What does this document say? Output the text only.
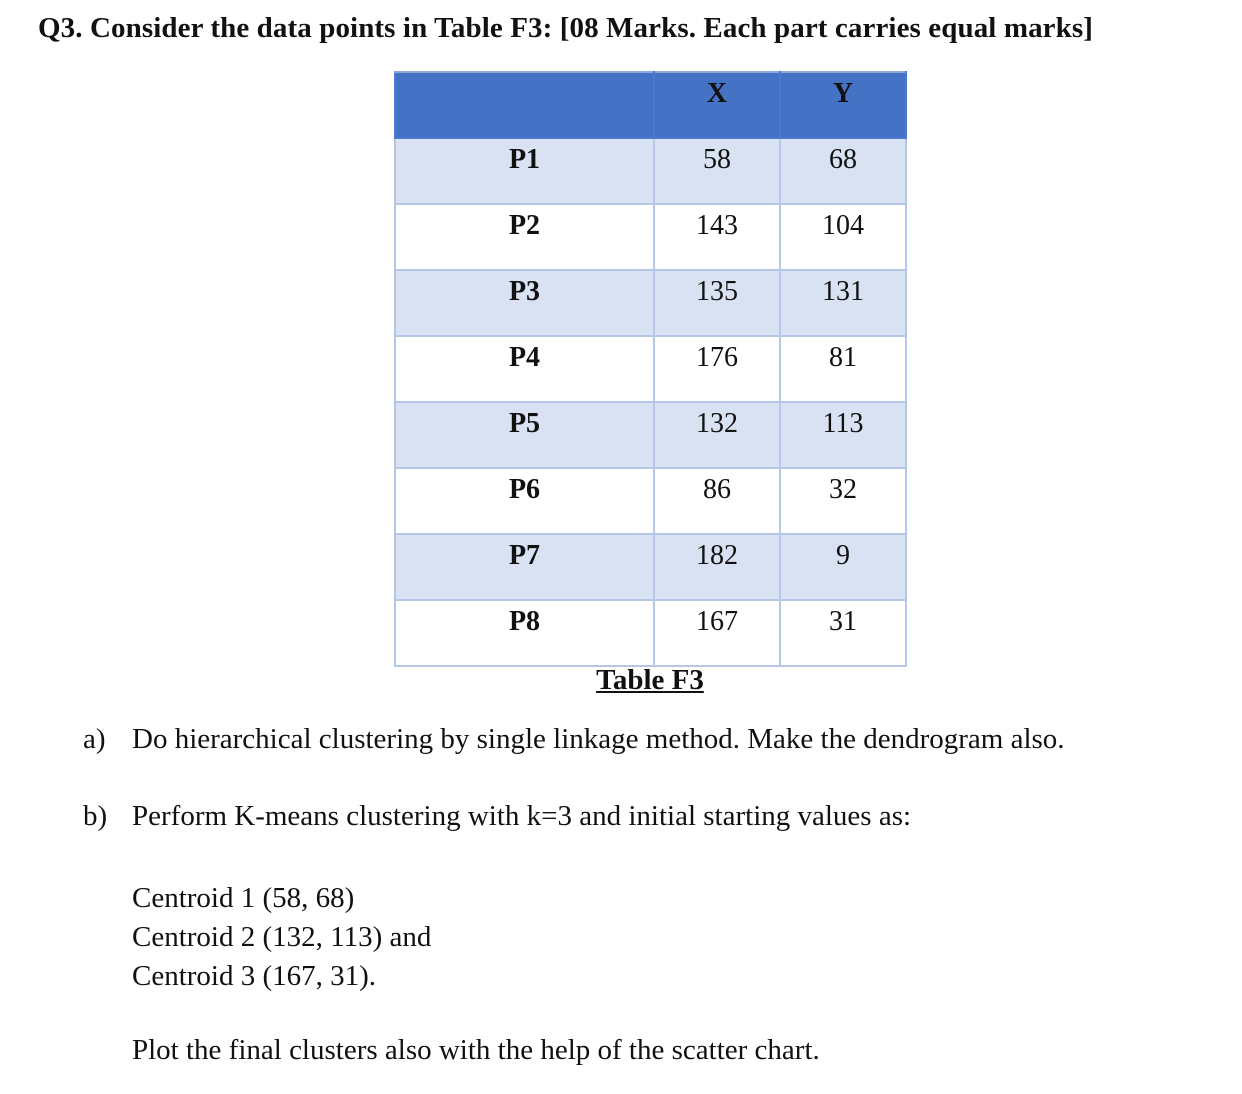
Q3. Consider the data points in Table F3: [08 Marks. Each part carries equal marks]

	X	Y

P1	58	68

P2	143	104

P3	135	131

P4	176	81

P5	132	113

P6	86	32

P7	182	9

P8	167	31
Table F3
a) Do hierarchical clustering by single linkage method. Make the dendrogram also.
b) Perform K-means clustering with k=3 and initial starting values as:
Centroid 1 (58, 68)
Centroid 2 (132, 113) and
Centroid 3 (167, 31).
Plot the final clusters also with the help of the scatter chart.
